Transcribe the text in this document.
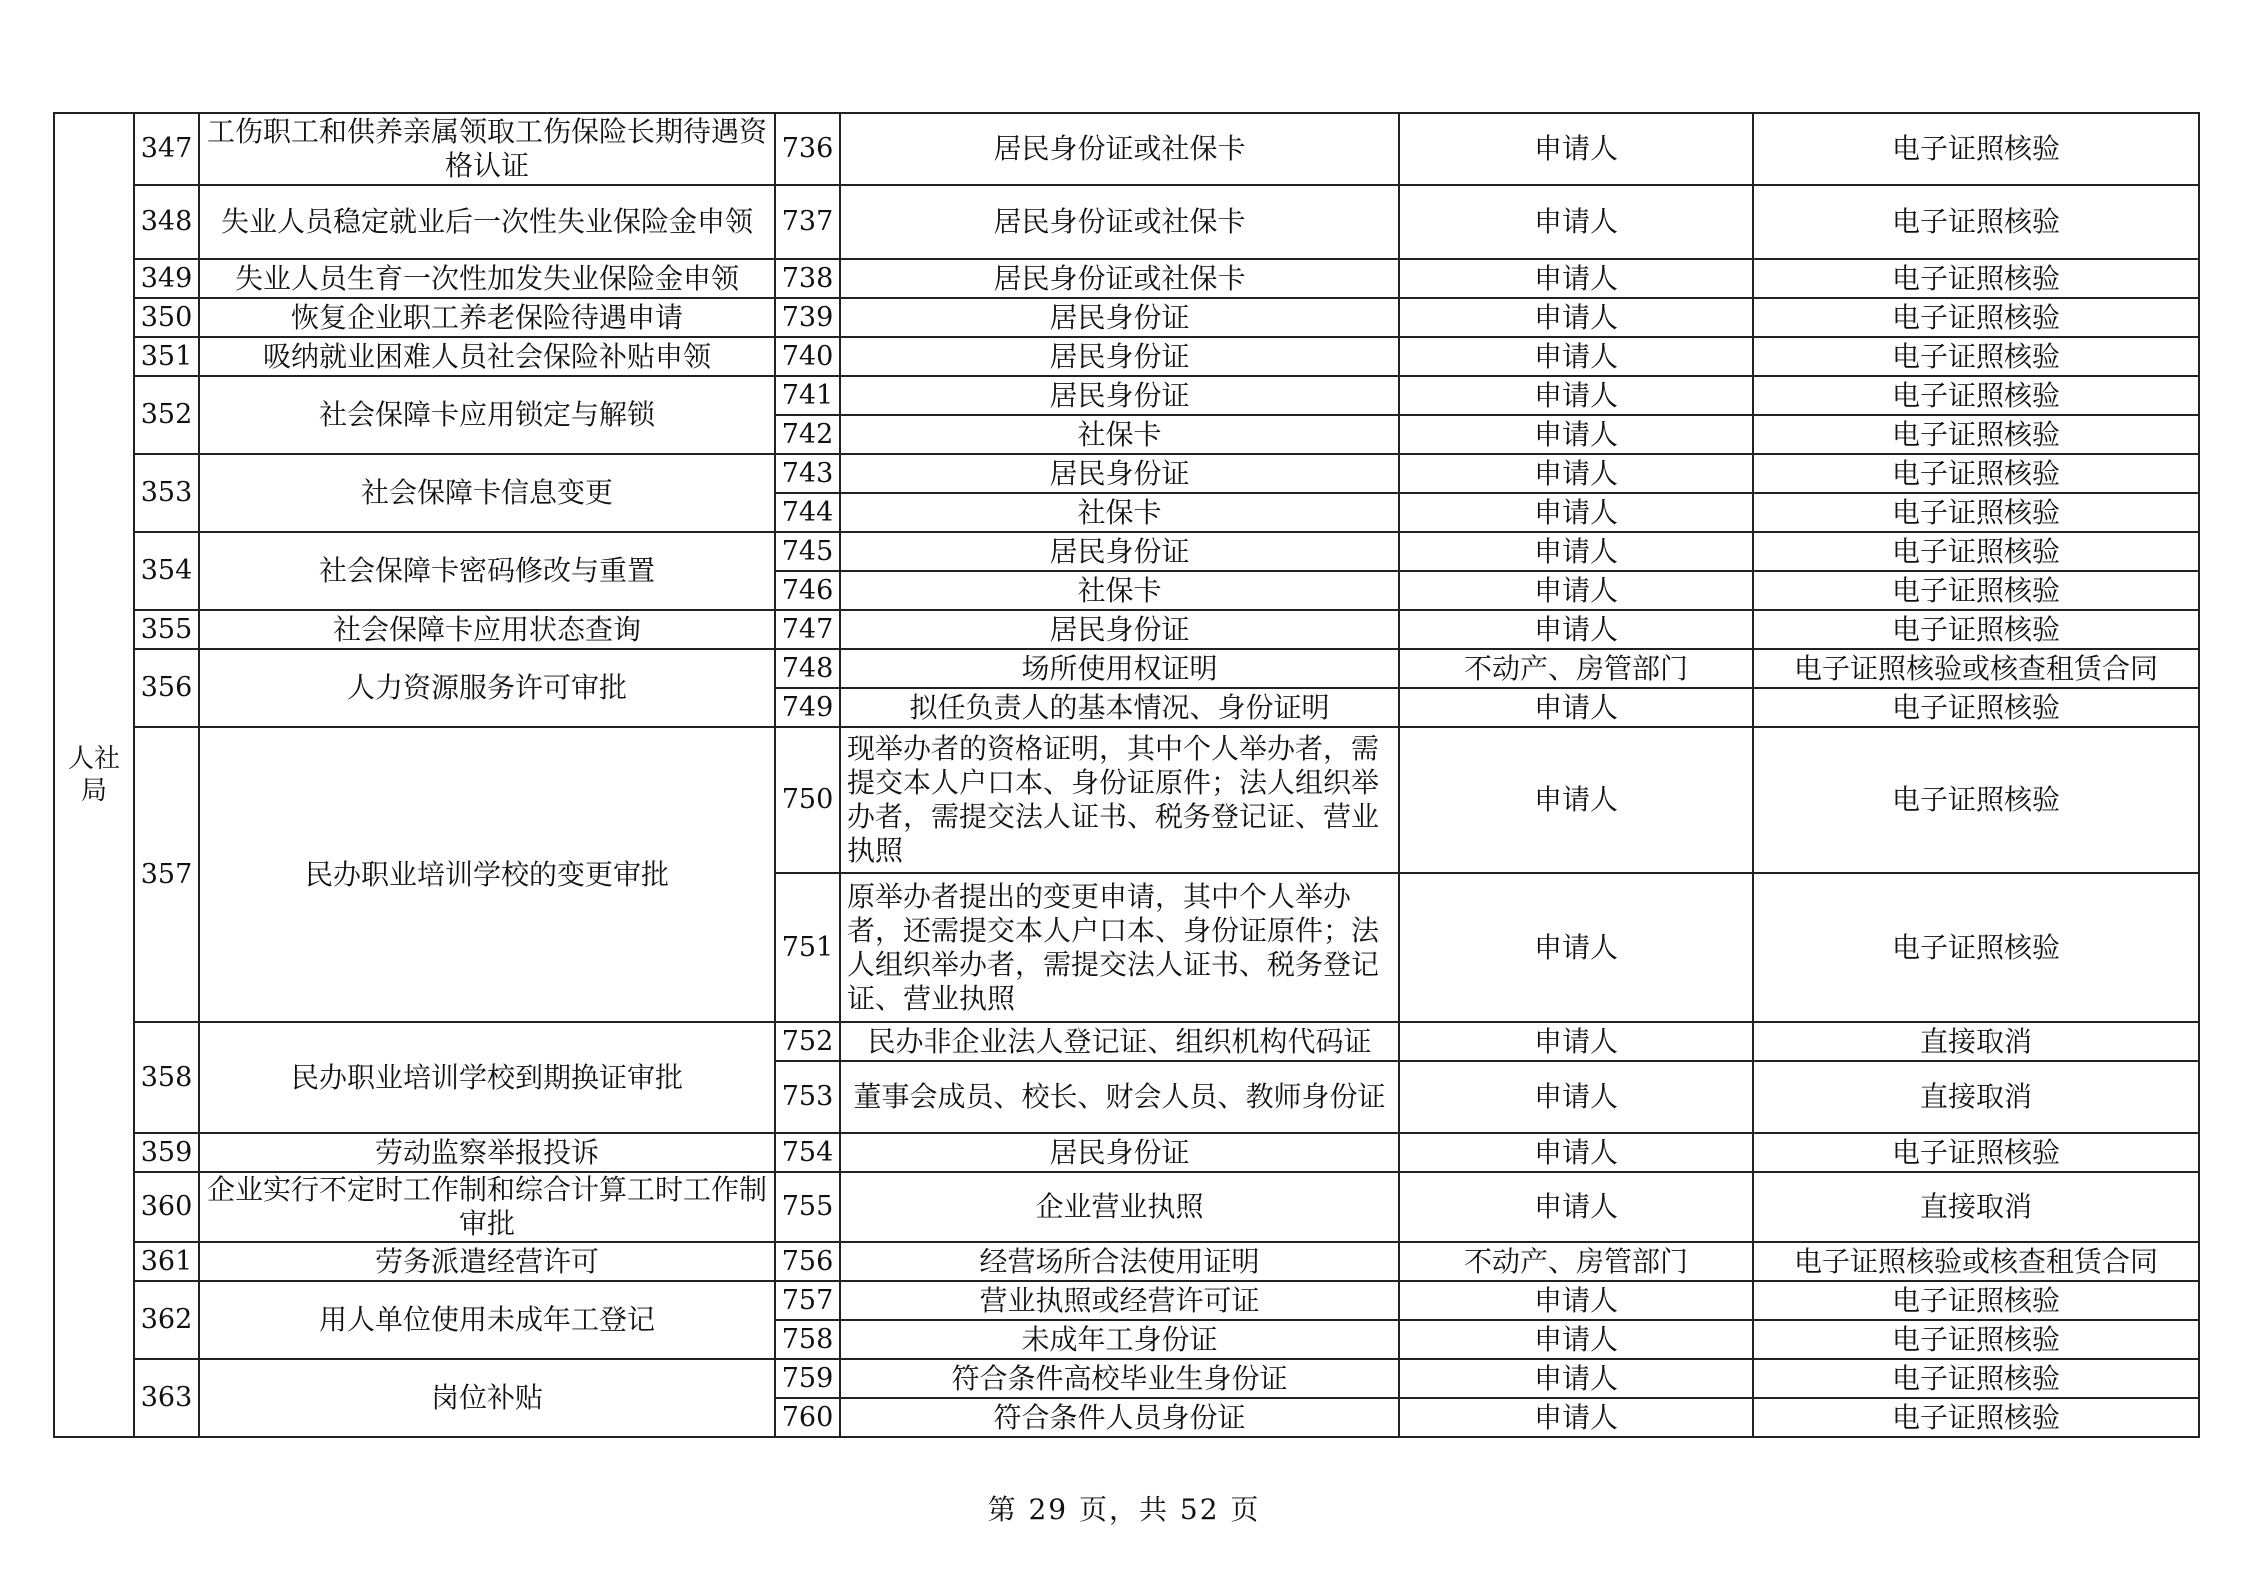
人社局	347	工伤职工和供养亲属领取工伤保险长期待遇资格认证	736	居民身份证或社保卡	申请人	电子证照核验
	348	失业人员稳定就业后一次性失业保险金申领	737	居民身份证或社保卡	申请人	电子证照核验
	349	失业人员生育一次性加发失业保险金申领	738	居民身份证或社保卡	申请人	电子证照核验
	350	恢复企业职工养老保险待遇申请	739	居民身份证	申请人	电子证照核验
	351	吸纳就业困难人员社会保险补贴申领	740	居民身份证	申请人	电子证照核验
	352	社会保障卡应用锁定与解锁	741	居民身份证	申请人	电子证照核验
			742	社保卡	申请人	电子证照核验
	353	社会保障卡信息变更	743	居民身份证	申请人	电子证照核验
			744	社保卡	申请人	电子证照核验
	354	社会保障卡密码修改与重置	745	居民身份证	申请人	电子证照核验
			746	社保卡	申请人	电子证照核验
	355	社会保障卡应用状态查询	747	居民身份证	申请人	电子证照核验
	356	人力资源服务许可审批	748	场所使用权证明	不动产、房管部门	电子证照核验或核查租赁合同
			749	拟任负责人的基本情况、身份证明	申请人	电子证照核验
	357	民办职业培训学校的变更审批	750	现举办者的资格证明，其中个人举办者，需提交本人户口本、身份证原件；法人组织举办者，需提交法人证书、税务登记证、营业执照	申请人	电子证照核验
			751	原举办者提出的变更申请，其中个人举办者，还需提交本人户口本、身份证原件；法人组织举办者，需提交法人证书、税务登记证、营业执照	申请人	电子证照核验
	358	民办职业培训学校到期换证审批	752	民办非企业法人登记证、组织机构代码证	申请人	直接取消
			753	董事会成员、校长、财会人员、教师身份证	申请人	直接取消
	359	劳动监察举报投诉	754	居民身份证	申请人	电子证照核验
	360	企业实行不定时工作制和综合计算工时工作制审批	755	企业营业执照	申请人	直接取消
	361	劳务派遣经营许可	756	经营场所合法使用证明	不动产、房管部门	电子证照核验或核查租赁合同
	362	用人单位使用未成年工登记	757	营业执照或经营许可证	申请人	电子证照核验
			758	未成年工身份证	申请人	电子证照核验
	363	岗位补贴	759	符合条件高校毕业生身份证	申请人	电子证照核验
			760	符合条件人员身份证	申请人	电子证照核验
第 29 页，共 52 页
